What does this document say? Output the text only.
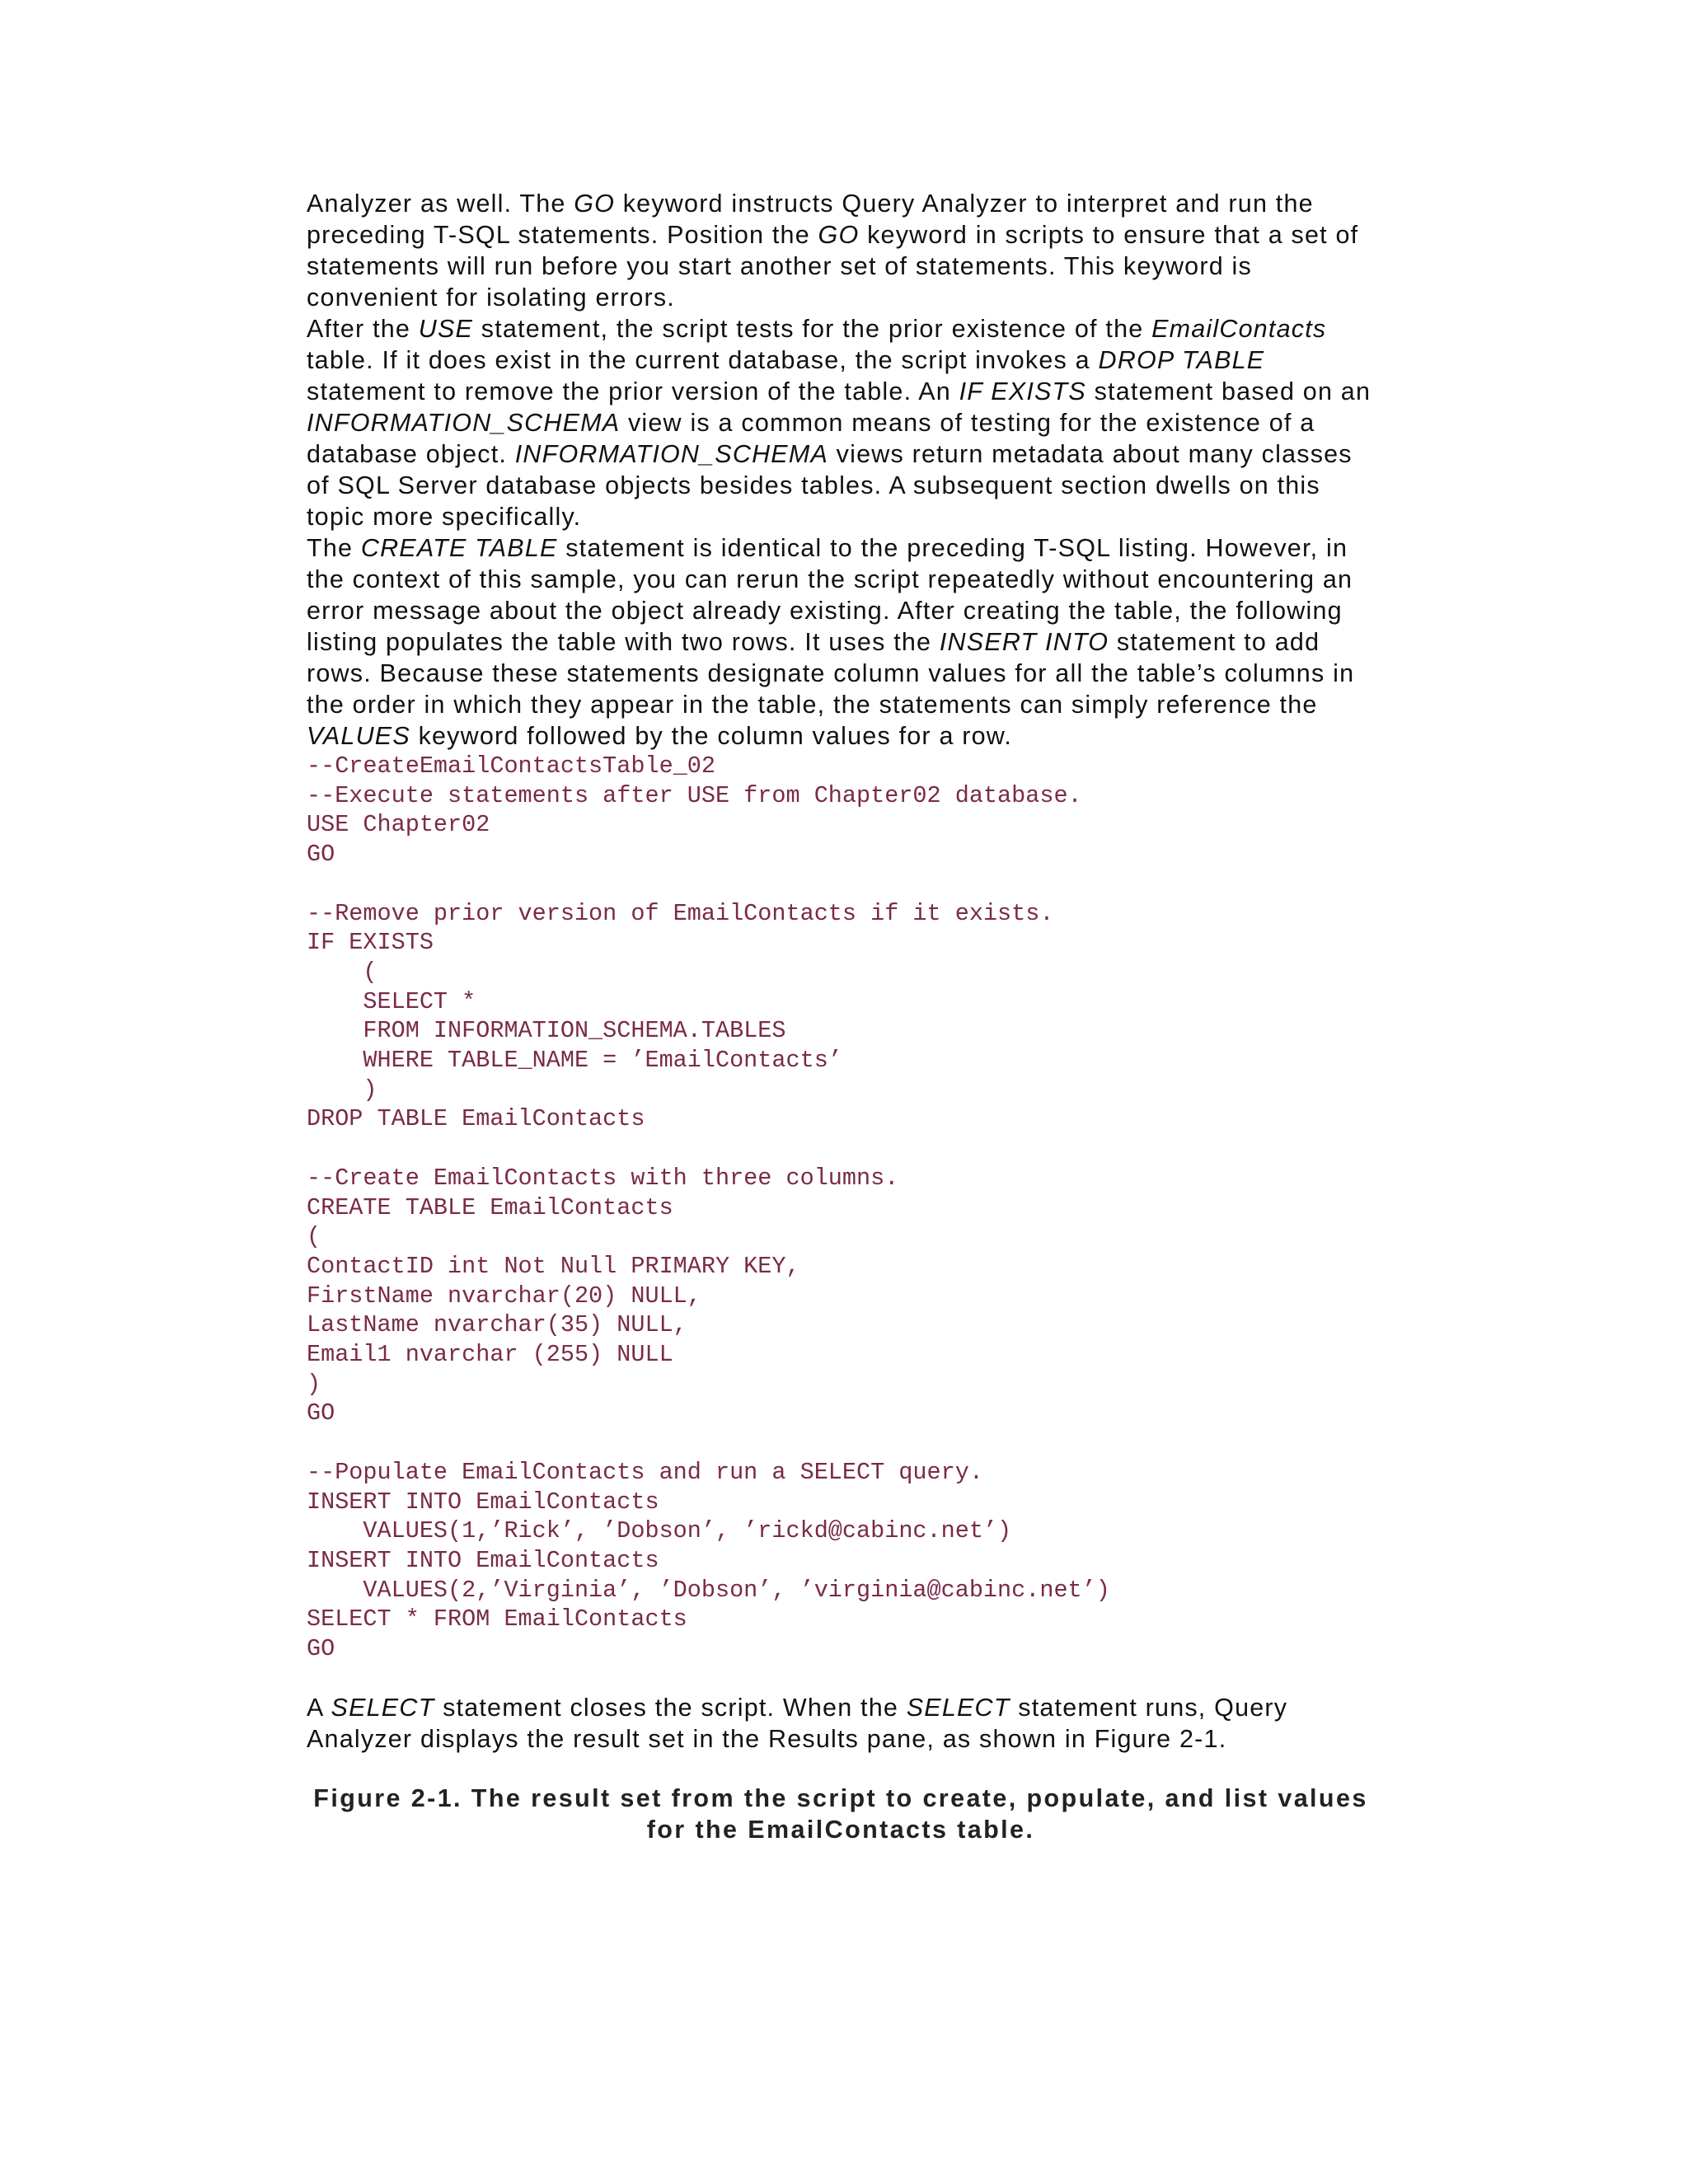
Analyzer as well. The GO keyword instructs Query Analyzer to interpret and run the preceding T-SQL statements. Position the GO keyword in scripts to ensure that a set of statements will run before you start another set of statements. This keyword is convenient for isolating errors.

After the USE statement, the script tests for the prior existence of the EmailContacts table. If it does exist in the current database, the script invokes a DROP TABLE statement to remove the prior version of the table. An IF EXISTS statement based on an INFORMATION_SCHEMA view is a common means of testing for the existence of a database object. INFORMATION_SCHEMA views return metadata about many classes of SQL Server database objects besides tables. A subsequent section dwells on this topic more specifically.

The CREATE TABLE statement is identical to the preceding T-SQL listing. However, in the context of this sample, you can rerun the script repeatedly without encountering an error message about the object already existing. After creating the table, the following listing populates the table with two rows. It uses the INSERT INTO statement to add rows. Because these statements designate column values for all the table’s columns in the order in which they appear in the table, the statements can simply reference the VALUES keyword followed by the column values for a row.

--CreateEmailContactsTable_02
--Execute statements after USE from Chapter02 database.
USE Chapter02
GO

--Remove prior version of EmailContacts if it exists.
IF EXISTS
(
SELECT *
FROM INFORMATION_SCHEMA.TABLES
WHERE TABLE_NAME = ’EmailContacts’
)
DROP TABLE EmailContacts

--Create EmailContacts with three columns.
CREATE TABLE EmailContacts
(
ContactID int Not Null PRIMARY KEY,
FirstName nvarchar(20) NULL,
LastName nvarchar(35) NULL,
Email1 nvarchar (255) NULL
)
GO

--Populate EmailContacts and run a SELECT query.
INSERT INTO EmailContacts
VALUES(1,’Rick’, ’Dobson’, ’rickd@cabinc.net’)
INSERT INTO EmailContacts
VALUES(2,’Virginia’, ’Dobson’, ’virginia@cabinc.net’)
SELECT * FROM EmailContacts
GO

A SELECT statement closes the script. When the SELECT statement runs, Query Analyzer displays the result set in the Results pane, as shown in Figure 2-1.

Figure 2-1. The result set from the script to create, populate, and list values for the EmailContacts table.
